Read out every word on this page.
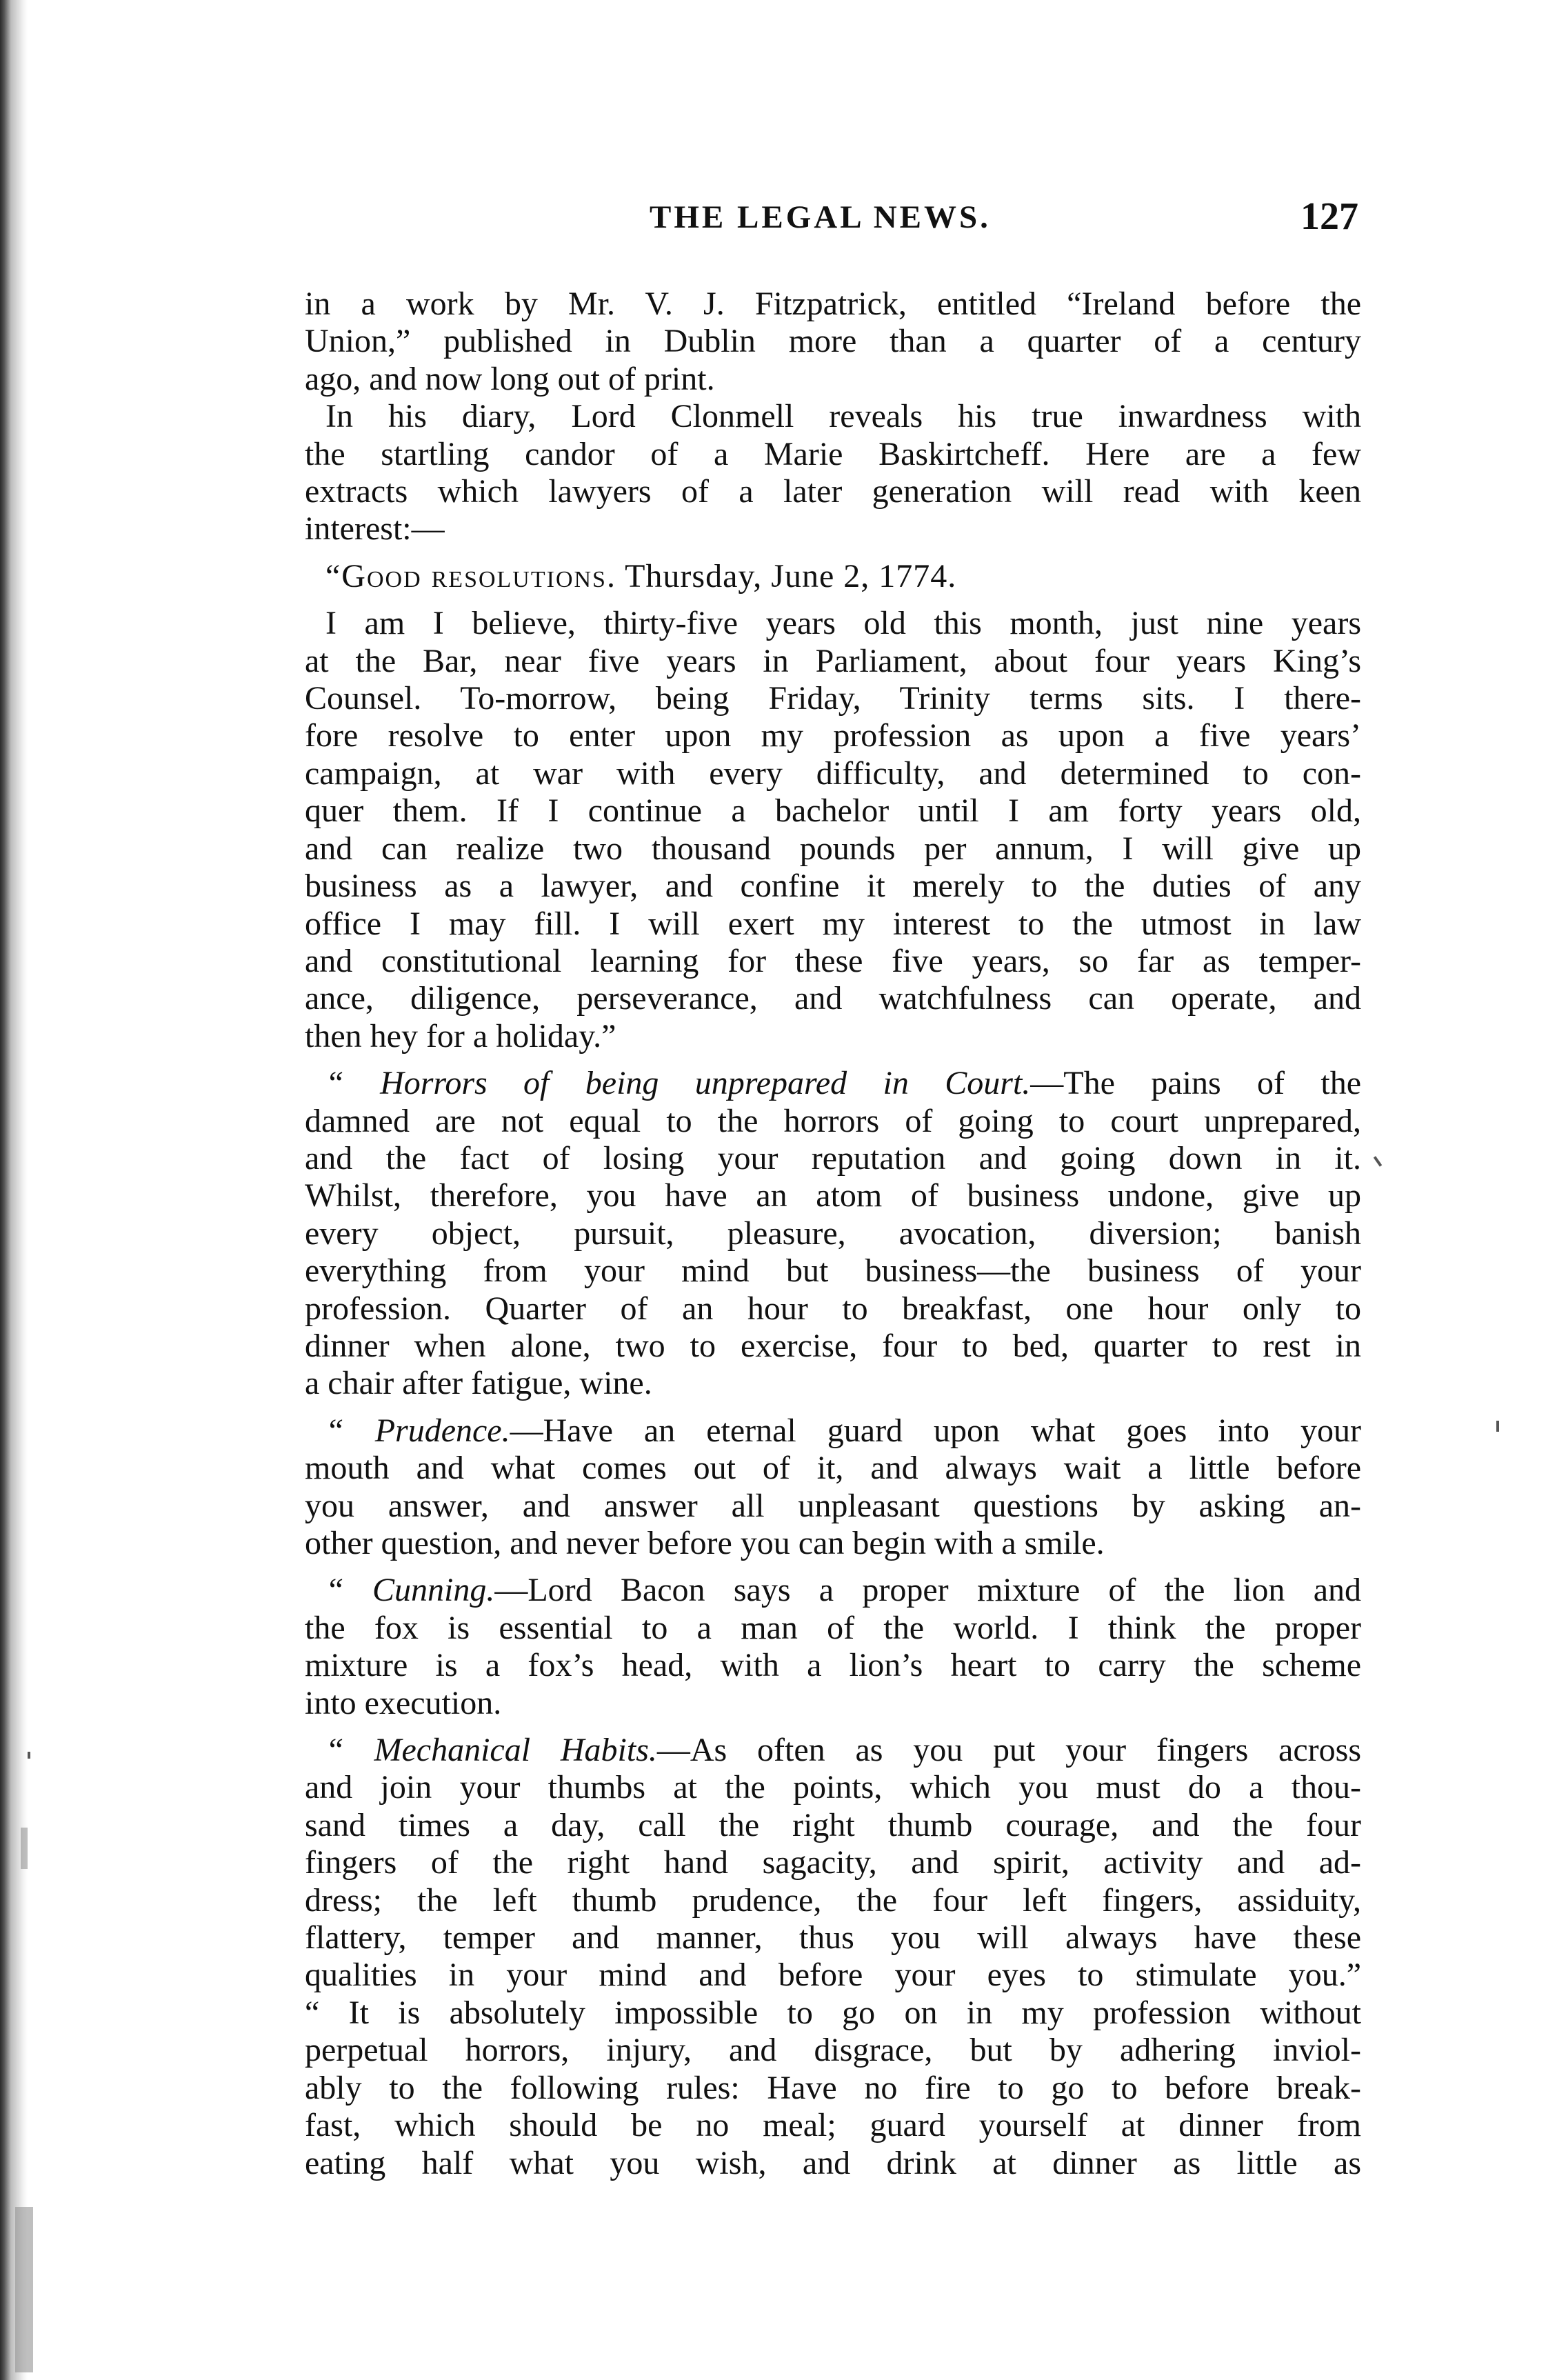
THE LEGAL NEWS.	127
in a work by Mr. V. J. Fitzpatrick, entitled “Ireland before the
Union,” published in Dublin more than a quarter of a century
ago, and now long out of print.
In his diary, Lord Clonmell reveals his true inwardness with
the startling candor of a Marie Baskirtcheff. Here are a few
extracts which lawyers of a later generation will read with keen
interest:—
“Good resolutions. Thursday, June 2, 1774.
I am I believe, thirty-five years old this month, just nine years
at the Bar, near five years in Parliament, about four years King’s
Counsel. To-morrow, being Friday, Trinity terms sits. I there-
fore resolve to enter upon my profession as upon a five years’
campaign, at war with every difficulty, and determined to con-
quer them. If I continue a bachelor until I am forty years old,
and can realize two thousand pounds per annum, I will give up
business as a lawyer, and confine it merely to the duties of any
office I may fill. I will exert my interest to the utmost in law
and constitutional learning for these five years, so far as temper-
ance, diligence, perseverance, and watchfulness can operate, and
then hey for a holiday.”
“ Horrors of being unprepared in Court.—The pains of the
damned are not equal to the horrors of going to court unprepared,
and the fact of losing your reputation and going down in it.
Whilst, therefore, you have an atom of business undone, give up
every object, pursuit, pleasure, avocation, diversion; banish
everything from your mind but business—the business of your
profession. Quarter of an hour to breakfast, one hour only to
dinner when alone, two to exercise, four to bed, quarter to rest in
a chair after fatigue, wine.
“ Prudence.—Have an eternal guard upon what goes into your
mouth and what comes out of it, and always wait a little before
you answer, and answer all unpleasant questions by asking an-
other question, and never before you can begin with a smile.
“ Cunning.—Lord Bacon says a proper mixture of the lion and
the fox is essential to a man of the world. I think the proper
mixture is a fox’s head, with a lion’s heart to carry the scheme
into execution.
“ Mechanical Habits.—As often as you put your fingers across
and join your thumbs at the points, which you must do a thou-
sand times a day, call the right thumb courage, and the four
fingers of the right hand sagacity, and spirit, activity and ad-
dress; the left thumb prudence, the four left fingers, assiduity,
flattery, temper and manner, thus you will always have these
qualities in your mind and before your eyes to stimulate you.”
“ It is absolutely impossible to go on in my profession without
perpetual horrors, injury, and disgrace, but by adhering inviol-
ably to the following rules: Have no fire to go to before break-
fast, which should be no meal; guard yourself at dinner from
eating half what you wish, and drink at dinner as little as
